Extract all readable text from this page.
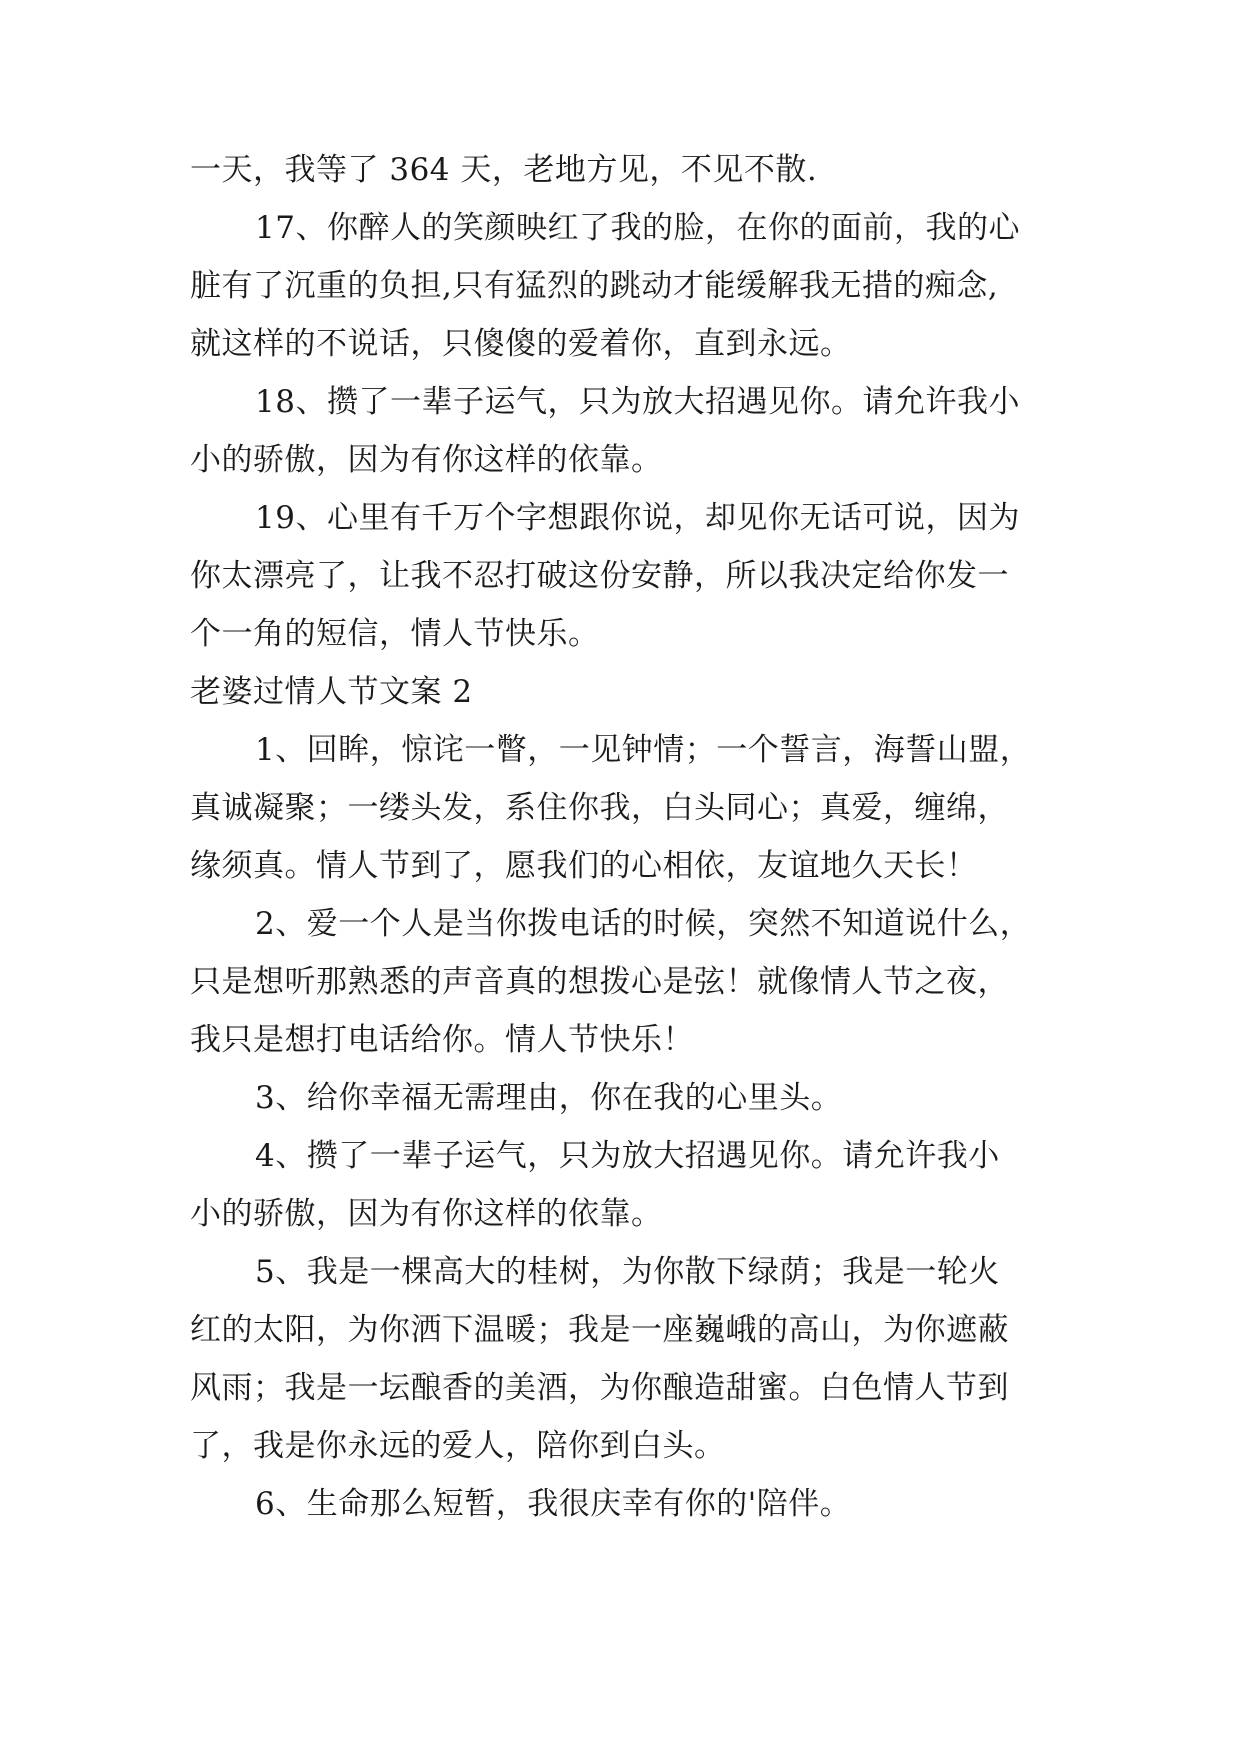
一天，我等了 364 天，老地方见，不见不散.
17、你醉人的笑颜映红了我的脸，在你的面前，我的心
脏有了沉重的负担,只有猛烈的跳动才能缓解我无措的痴念,
就这样的不说话，只傻傻的爱着你，直到永远。
18、攒了一辈子运气，只为放大招遇见你。请允许我小
小的骄傲，因为有你这样的依靠。
19、心里有千万个字想跟你说，却见你无话可说，因为
你太漂亮了，让我不忍打破这份安静，所以我决定给你发一
个一角的短信，情人节快乐。
老婆过情人节文案 2
1、回眸，惊诧一瞥，一见钟情；一个誓言，海誓山盟，
真诚凝聚；一缕头发，系住你我，白头同心；真爱，缠绵，
缘须真。情人节到了，愿我们的心相依，友谊地久天长！
2、爱一个人是当你拨电话的时候，突然不知道说什么，
只是想听那熟悉的声音真的想拨心是弦！就像情人节之夜，
我只是想打电话给你。情人节快乐！
3、给你幸福无需理由，你在我的心里头。
4、攒了一辈子运气，只为放大招遇见你。请允许我小
小的骄傲，因为有你这样的依靠。
5、我是一棵高大的桂树，为你散下绿荫；我是一轮火
红的太阳，为你洒下温暖；我是一座巍峨的高山，为你遮蔽
风雨；我是一坛酿香的美酒，为你酿造甜蜜。白色情人节到
了，我是你永远的爱人，陪你到白头。
6、生命那么短暂，我很庆幸有你的'陪伴。
